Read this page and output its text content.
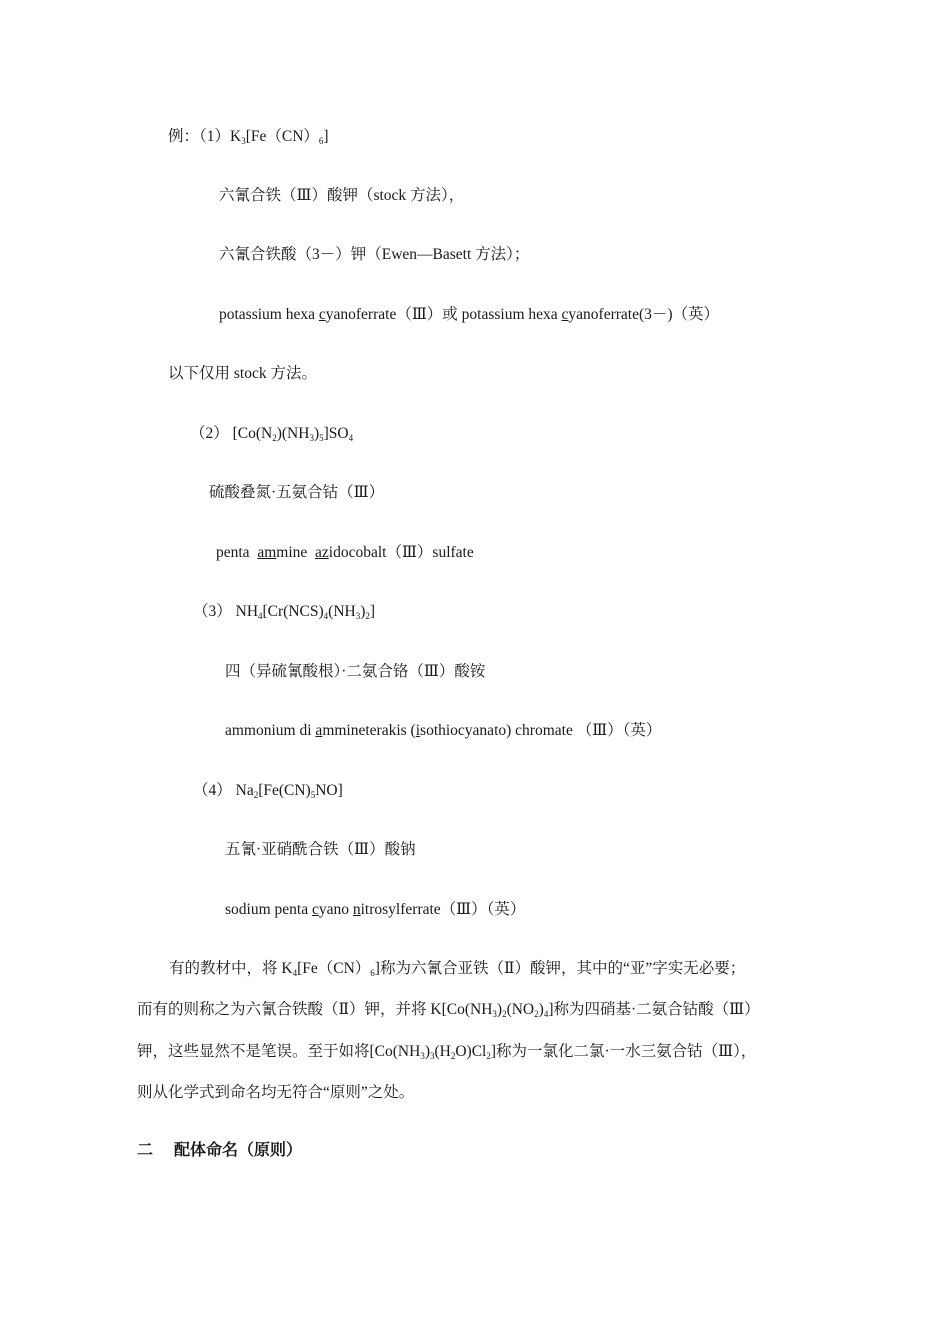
例：$(1)K_3[Fe(CN)_6]$
六氰合铁（Ⅲ）酸钾（stock 方法），
六氰合铁酸（3－）钾（Ewen—Basett 方法）；
potassium hexa cyanoferrate（Ⅲ）或 potassium hexa cyanoferrate(3－)（英）
以下仅用 stock 方法。
（2） $[Co(N_2)(NH_3)_5]SO_4$
硫酸叠氮·五氨合钴（Ⅲ）
penta  ammine  azidocobalt（Ⅲ）sulfate
（3） $NH_4[Cr(NCS)_4(NH_3)_2]$
四（异硫氰酸根）·二氨合铬（Ⅲ）酸铵
ammonium di ammineterakis (isothiocyanato) chromate （Ⅲ）（英）
（4） $Na_2[Fe(CN)_5NO]$
五氰·亚硝酰合铁（Ⅲ）酸钠
sodium penta cyano nitrosylferrate（Ⅲ）（英）
有的教材中，将 $K_4[Fe(CN)_6]$称为六氰合亚铁（Ⅱ）酸钾，其中的“亚”字实无必要；
而有的则称之为六氰合铁酸（Ⅱ）钾，并将 $K[Co(NH_3)_2(NO_2)_4]$称为四硝基·二氨合钴酸（Ⅲ）
钾，这些显然不是笔误。至于如将$[Co(NH_3)_3(H_2O)Cl_2]$称为一氯化二氯·一水三氨合钴（Ⅲ），
则从化学式到命名均无符合“原则”之处。
二 配体命名（原则）
